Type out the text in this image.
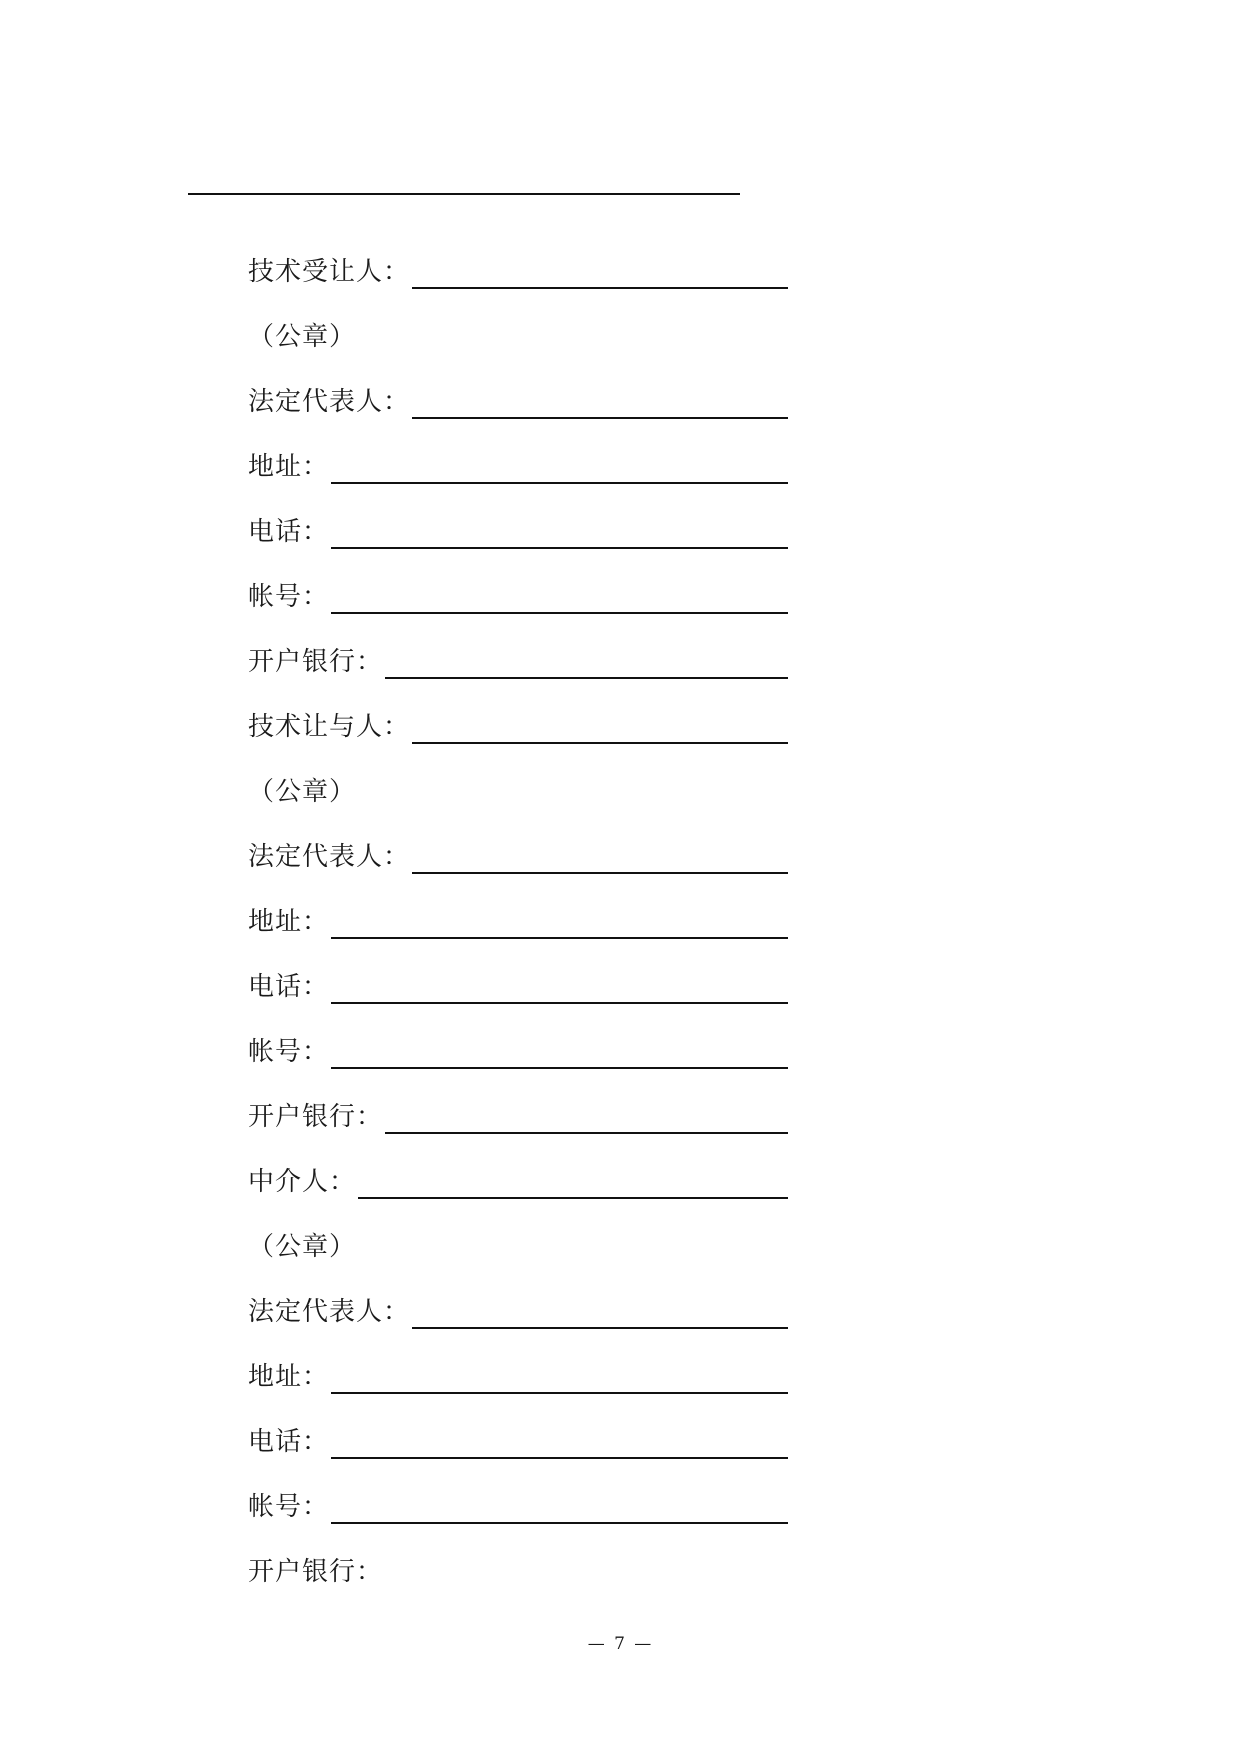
技术受让人：
（公章）
法定代表人：
地址：
电话：
帐号：
开户银行：
技术让与人：
（公章）
法定代表人：
地址：
电话：
帐号：
开户银行：
中介人：
（公章）
法定代表人：
地址：
电话：
帐号：
开户银行：
— 7 —
